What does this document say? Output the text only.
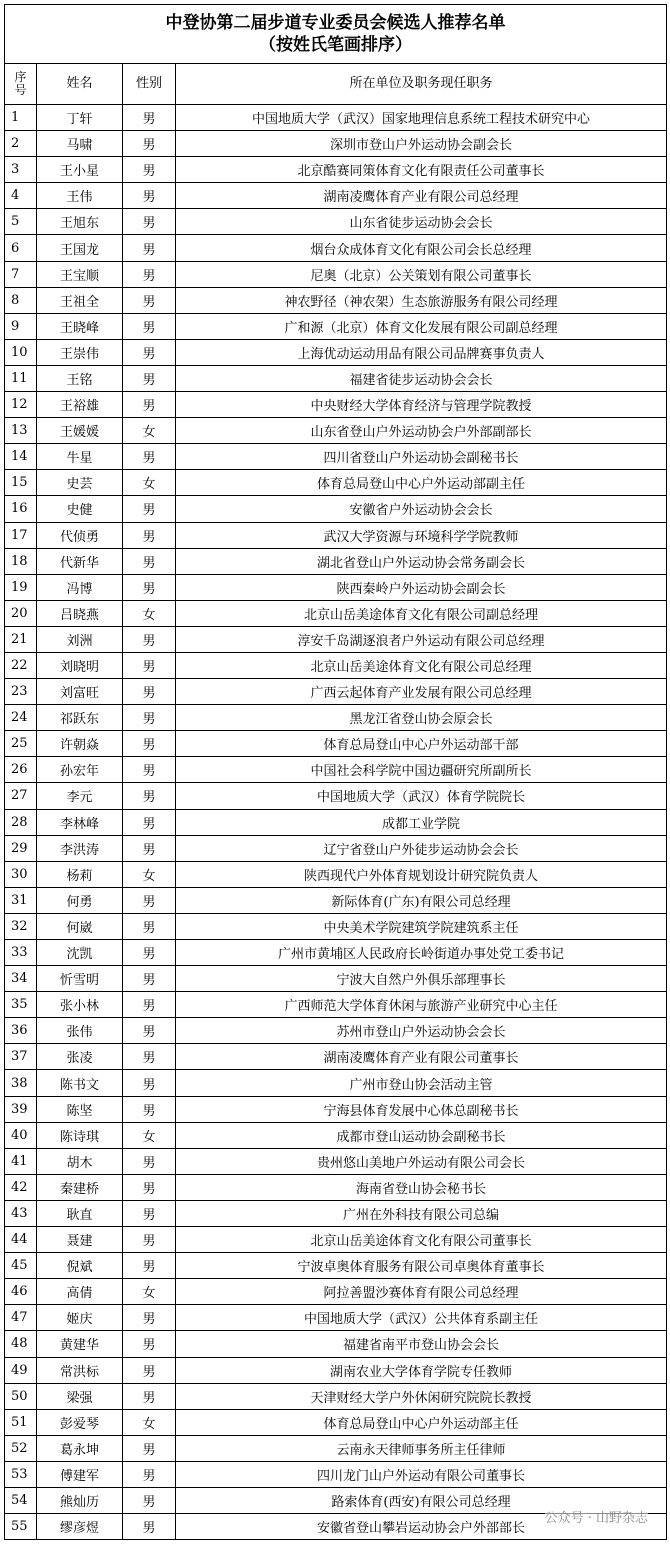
中登协第二届步道专业委员会候选人推荐名单
（按姓氏笔画排序）			

序
号	姓名	性别	所在单位及职务现任职务
1	丁轩	男	中国地质大学（武汉）国家地理信息系统工程技术研究中心
2	马啸	男	深圳市登山户外运动协会副会长
3	王小星	男	北京酷赛同策体育文化有限责任公司董事长
4	王伟	男	湖南凌鹰体育产业有限公司总经理
5	王旭东	男	山东省徒步运动协会会长
6	王国龙	男	烟台众成体育文化有限公司会长总经理
7	王宝顺	男	尼奥（北京）公关策划有限公司董事长
8	王祖全	男	神农野径（神农架）生态旅游服务有限公司经理
9	王晓峰	男	广和源（北京）体育文化发展有限公司副总经理
10	王崇伟	男	上海优动运动用品有限公司品牌赛事负责人
11	王铭	男	福建省徒步运动协会会长
12	王裕雄	男	中央财经大学体育经济与管理学院教授
13	王媛媛	女	山东省登山户外运动协会户外部副部长
14	牛星	男	四川省登山户外运动协会副秘书长
15	史芸	女	体育总局登山中心户外运动部副主任
16	史健	男	安徽省户外运动协会会长
17	代侦勇	男	武汉大学资源与环境科学学院教师
18	代新华	男	湖北省登山户外运动协会常务副会长
19	冯博	男	陕西秦岭户外运动协会副会长
20	吕晓燕	女	北京山岳美途体育文化有限公司副总经理
21	刘洲	男	淳安千岛湖逐浪者户外运动有限公司总经理
22	刘晓明	男	北京山岳美途体育文化有限公司总经理
23	刘富旺	男	广西云起体育产业发展有限公司总经理
24	祁跃东	男	黑龙江省登山协会原会长
25	许朝焱	男	体育总局登山中心户外运动部干部
26	孙宏年	男	中国社会科学院中国边疆研究所副所长
27	李元	男	中国地质大学（武汉）体育学院院长
28	李林峰	男	成都工业学院
29	李洪涛	男	辽宁省登山户外徒步运动协会会长
30	杨莉	女	陕西现代户外体育规划设计研究院负责人
31	何勇	男	新际体育(广东)有限公司总经理
32	何崴	男	中央美术学院建筑学院建筑系主任
33	沈凯	男	广州市黄埔区人民政府长岭街道办事处党工委书记
34	忻雪明	男	宁波大自然户外俱乐部理事长
35	张小林	男	广西师范大学体育休闲与旅游产业研究中心主任
36	张伟	男	苏州市登山户外运动协会会长
37	张凌	男	湖南凌鹰体育产业有限公司董事长
38	陈书文	男	广州市登山协会活动主管
39	陈坚	男	宁海县体育发展中心体总副秘书长
40	陈诗琪	女	成都市登山运动协会副秘书长
41	胡木	男	贵州悠山美地户外运动有限公司会长
42	秦建桥	男	海南省登山协会秘书长
43	耿直	男	广州在外科技有限公司总编
44	聂建	男	北京山岳美途体育文化有限公司董事长
45	倪斌	男	宁波卓奥体育服务有限公司卓奥体育董事长
46	高倩	女	阿拉善盟沙赛体育有限公司总经理
47	姬庆	男	中国地质大学（武汉）公共体育系副主任
48	黄建华	男	福建省南平市登山协会会长
49	常洪标	男	湖南农业大学体育学院专任教师
50	梁强	男	天津财经大学户外休闲研究院院长教授
51	彭爱琴	女	体育总局登山中心户外运动部主任
52	葛永坤	男	云南永天律师事务所主任律师
53	傅建军	男	四川龙门山户外运动有限公司董事长
54	熊灿历	男	路索体育(西安)有限公司总经理
55	缪彦煜	男	安徽省登山攀岩运动协会户外部部长
公众号 · 山野杂志
